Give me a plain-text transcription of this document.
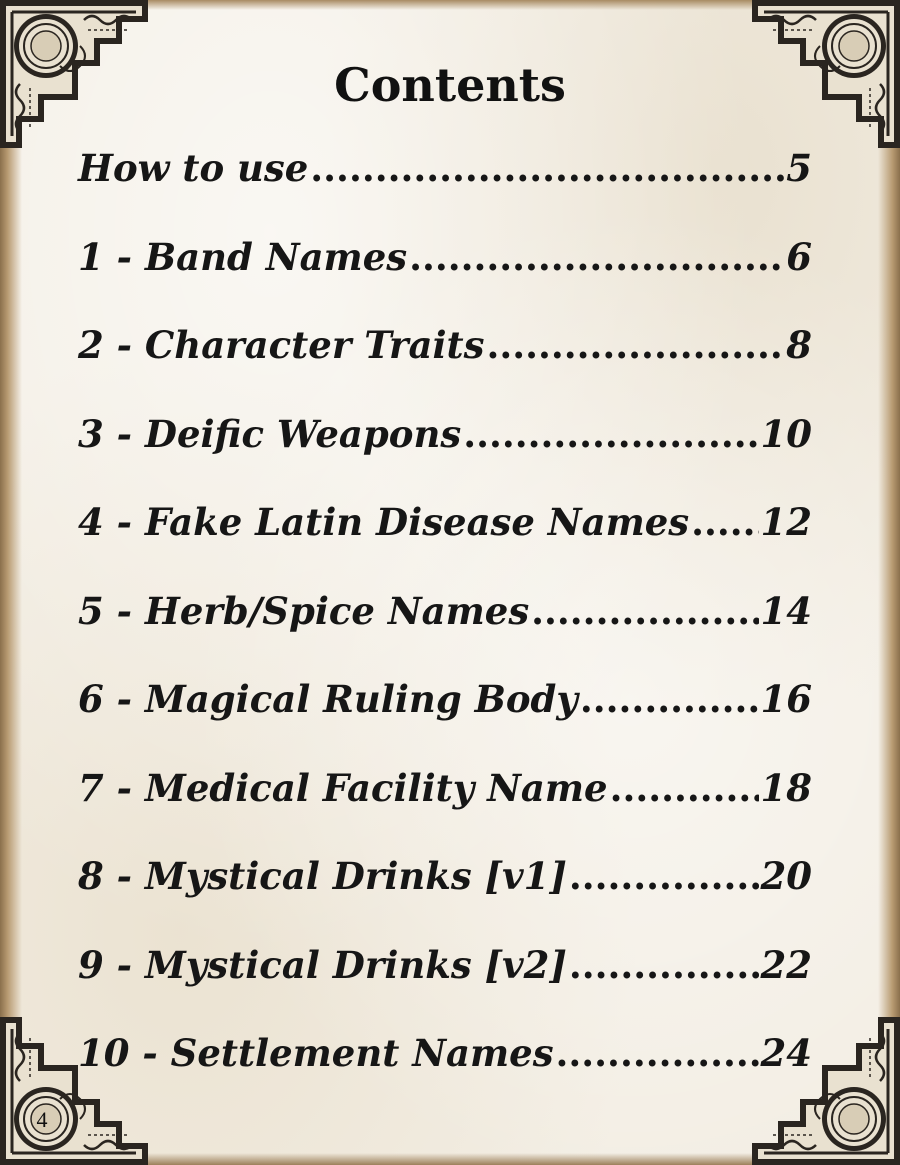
Contents
How to use .....	5
1 - Band Names .....	6
2 - Character Traits .....	8
3 - Deific Weapons .....	10
4 - Fake Latin Disease Names ..... 12
5 - Herb/Spice Names .....	14
6 - Magical Ruling Body .....	16
7 - Medical Facility Name .....	18
8 - Mystical Drinks [v1] .....	20
9 - Mystical Drinks [v2] .....	22
10 - Settlement Names .....	24
4
